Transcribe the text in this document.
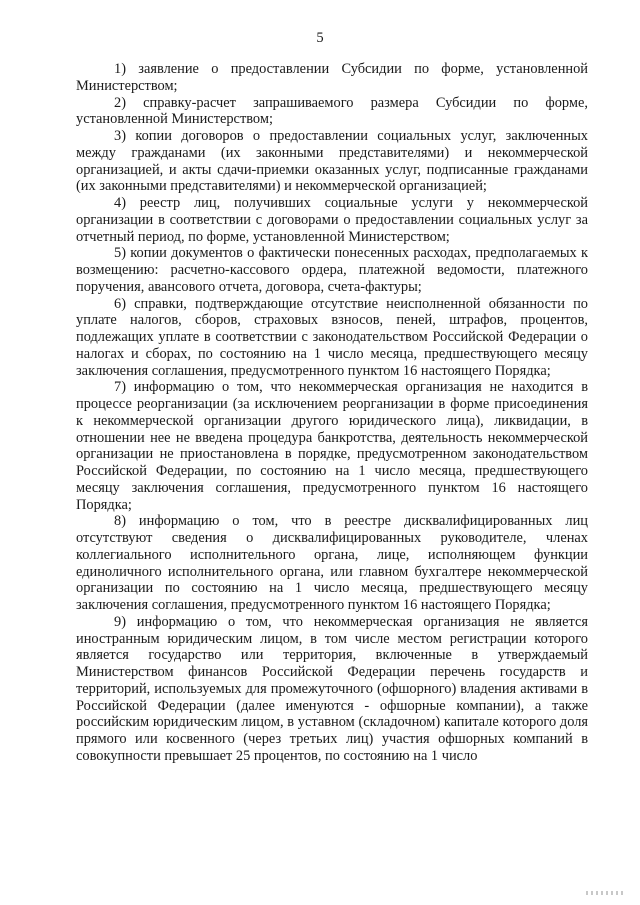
5

1) заявление о предоставлении Субсидии по форме, установленной Министерством;

2) справку-расчет запрашиваемого размера Субсидии по форме, установленной Министерством;

3) копии договоров о предоставлении социальных услуг, заключенных между гражданами (их законными представителями) и некоммерческой организацией, и акты сдачи-приемки оказанных услуг, подписанные гражданами (их законными представителями) и некоммерческой организацией;

4) реестр лиц, получивших социальные услуги у некоммерческой организации в соответствии с договорами о предоставлении социальных услуг за отчетный период, по форме, установленной Министерством;

5) копии документов о фактически понесенных расходах, предполагаемых к возмещению: расчетно-кассового ордера, платежной ведомости, платежного поручения, авансового отчета, договора, счета-фактуры;

6) справки, подтверждающие отсутствие неисполненной обязанности по уплате налогов, сборов, страховых взносов, пеней, штрафов, процентов, подлежащих уплате в соответствии с законодательством Российской Федерации о налогах и сборах, по состоянию на 1 число месяца, предшествующего месяцу заключения соглашения, предусмотренного пунктом 16 настоящего Порядка;

7) информацию о том, что некоммерческая организация не находится в процессе реорганизации (за исключением реорганизации в форме присоединения к некоммерческой организации другого юридического лица), ликвидации, в отношении нее не введена процедура банкротства, деятельность некоммерческой организации не приостановлена в порядке, предусмотренном законодательством Российской Федерации, по состоянию на 1 число месяца, предшествующего месяцу заключения соглашения, предусмотренного пунктом 16 настоящего Порядка;

8) информацию о том, что в реестре дисквалифицированных лиц отсутствуют сведения о дисквалифицированных руководителе, членах коллегиального исполнительного органа, лице, исполняющем функции единоличного исполнительного органа, или главном бухгалтере некоммерческой организации по состоянию на 1 число месяца, предшествующего месяцу заключения соглашения, предусмотренного пунктом 16 настоящего Порядка;

9) информацию о том, что некоммерческая организация не является иностранным юридическим лицом, в том числе местом регистрации которого является государство или территория, включенные в утверждаемый Министерством финансов Российской Федерации перечень государств и территорий, используемых для промежуточного (офшорного) владения активами в Российской Федерации (далее именуются - офшорные компании), а также российским юридическим лицом, в уставном (складочном) капитале которого доля прямого или косвенного (через третьих лиц) участия офшорных компаний в совокупности превышает 25 процентов, по состоянию на 1 число
